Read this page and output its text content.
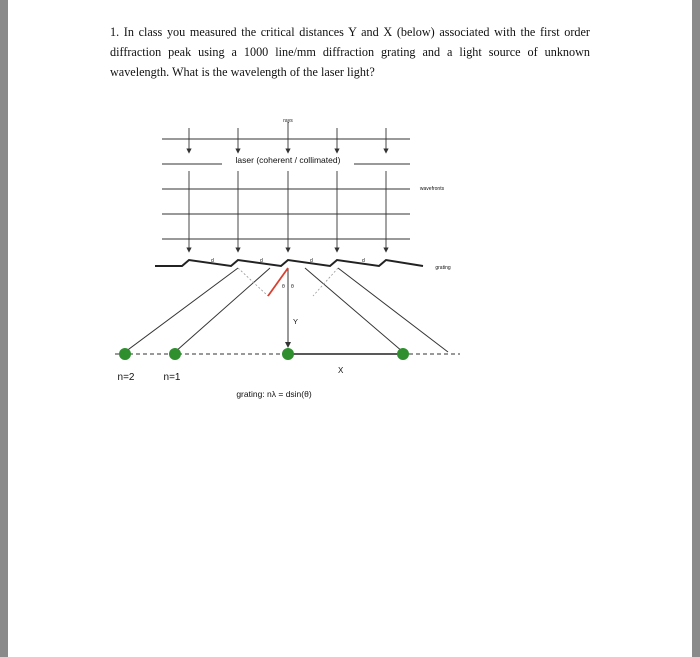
1. In class you measured the critical distances Y and X (below) associated with the first order
diffraction peak using a 1000 line/mm diffraction grating and a light source of unknown
wavelength. What is the wavelength of the laser light?
rays
laser (coherent / collimated)
wavefronts
d	d	d	d
grating
θ θ
Y
n=2	n=1
X
grating: nλ = dsin(θ)
